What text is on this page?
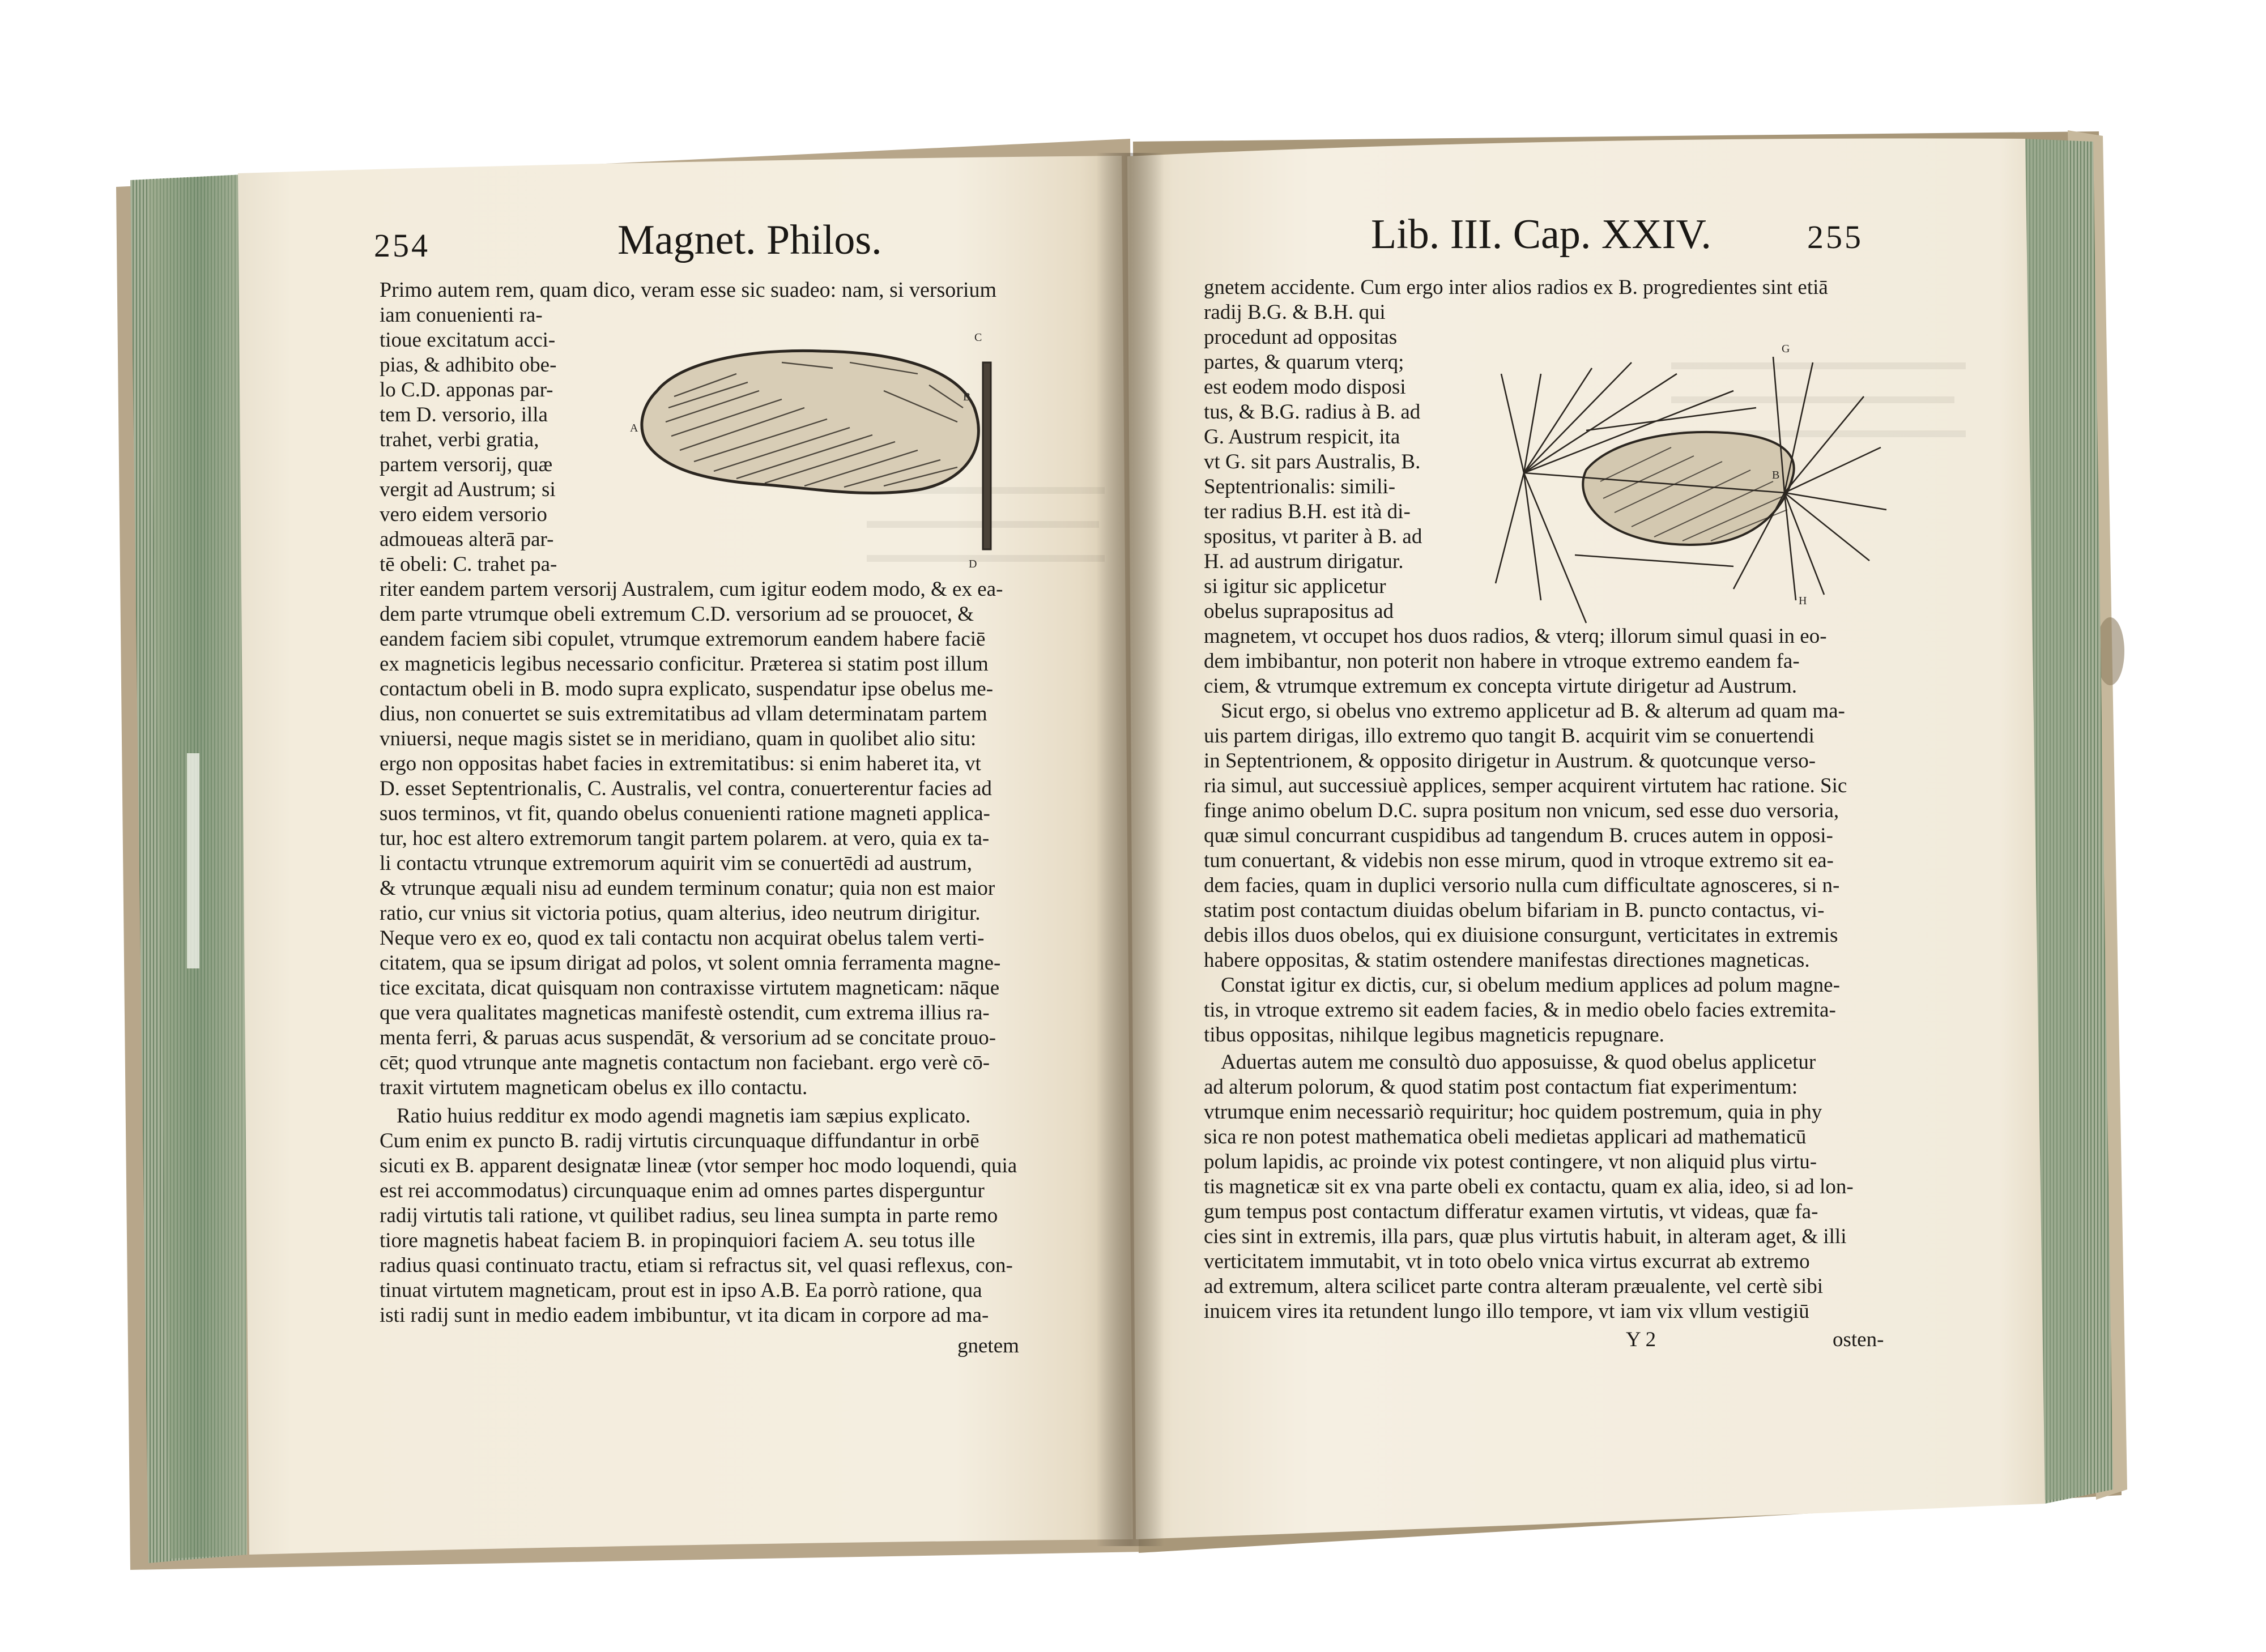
254	Magnet. Philos.
Primo autem rem, quam dico, veram esse sic suadeo: nam, si versorium
iam conuenienti ra-
tioue excitatum acci-
pias, & adhibito obe-
lo C.D. apponas par-
tem D. versorio, illa
trahet, verbi gratia,
partem versorij, quæ
vergit ad Austrum; si
vero eidem versorio
admoueas alterā par-
tē obeli: C. trahet pa-
A
B
C
D
riter eandem partem versorij Australem, cum igitur eodem modo, & ex ea-
dem parte vtrumque obeli extremum C.D. versorium ad se prouocet, &
eandem faciem sibi copulet, vtrumque extremorum eandem habere faciē
ex magneticis legibus necessario conficitur. Præterea si statim post illum
contactum obeli in B. modo supra explicato, suspendatur ipse obelus me-
dius, non conuertet se suis extremitatibus ad vllam determinatam partem
vniuersi, neque magis sistet se in meridiano, quam in quolibet alio situ:
ergo non oppositas habet facies in extremitatibus: si enim haberet ita, vt
D. esset Septentrionalis, C. Australis, vel contra, conuerterentur facies ad
suos terminos, vt fit, quando obelus conuenienti ratione magneti applica-
tur, hoc est altero extremorum tangit partem polarem. at vero, quia ex ta-
li contactu vtrunque extremorum aquirit vim se conuertēdi ad austrum,
& vtrunque æquali nisu ad eundem terminum conatur; quia non est maior
ratio, cur vnius sit victoria potius, quam alterius, ideo neutrum dirigitur.
Neque vero ex eo, quod ex tali contactu non acquirat obelus talem verti-
citatem, qua se ipsum dirigat ad polos, vt solent omnia ferramenta magne-
tice excitata, dicat quisquam non contraxisse virtutem magneticam: nāque
que vera qualitates magneticas manifestè ostendit, cum extrema illius ra-
menta ferri, & paruas acus suspendāt, & versorium ad se concitate prouo-
cēt; quod vtrunque ante magnetis contactum non faciebant. ergo verè cō-
traxit virtutem magneticam obelus ex illo contactu.
Ratio huius redditur ex modo agendi magnetis iam sæpius explicato.
Cum enim ex puncto B. radij virtutis circunquaque diffundantur in orbē
sicuti ex B. apparent designatæ lineæ (vtor semper hoc modo loquendi, quia
est rei accommodatus) circunquaque enim ad omnes partes disperguntur
radij virtutis tali ratione, vt quilibet radius, seu linea sumpta in parte remo
tiore magnetis habeat faciem B. in propinquiori faciem A. seu totus ille
radius quasi continuato tractu, etiam si refractus sit, vel quasi reflexus, con-
tinuat virtutem magneticam, prout est in ipso A.B. Ea porrò ratione, qua
isti radij sunt in medio eadem imbibuntur, vt ita dicam in corpore ad ma-
gnetem
Lib. III. Cap. XXIV.	255
gnetem accidente. Cum ergo inter alios radios ex B. progredientes sint etiā
radij B.G. & B.H. qui
procedunt ad oppositas
partes, & quarum vterq;
est eodem modo disposi
tus, & B.G. radius à B. ad
G. Austrum respicit, ita
vt G. sit pars Australis, B.
Septentrionalis: simili-
ter radius B.H. est ità di-
spositus, vt pariter à B. ad
H. ad austrum dirigatur.
si igitur sic applicetur
obelus suprapositus ad
G
B
H
magnetem, vt occupet hos duos radios, & vterq; illorum simul quasi in eo-
dem imbibantur, non poterit non habere in vtroque extremo eandem fa-
ciem, & vtrumque extremum ex concepta virtute dirigetur ad Austrum.
Sicut ergo, si obelus vno extremo applicetur ad B. & alterum ad quam ma-
uis partem dirigas, illo extremo quo tangit B. acquirit vim se conuertendi
in Septentrionem, & opposito dirigetur in Austrum. & quotcunque verso-
ria simul, aut successiuè applices, semper acquirent virtutem hac ratione. Sic
finge animo obelum D.C. supra positum non vnicum, sed esse duo versoria,
quæ simul concurrant cuspidibus ad tangendum B. cruces autem in opposi-
tum conuertant, & videbis non esse mirum, quod in vtroque extremo sit ea-
dem facies, quam in duplici versorio nulla cum difficultate agnosceres, si n-
statim post contactum diuidas obelum bifariam in B. puncto contactus, vi-
debis illos duos obelos, qui ex diuisione consurgunt, verticitates in extremis
habere oppositas, & statim ostendere manifestas directiones magneticas.
Constat igitur ex dictis, cur, si obelum medium applices ad polum magne-
tis, in vtroque extremo sit eadem facies, & in medio obelo facies extremita-
tibus oppositas, nihilque legibus magneticis repugnare.
Aduertas autem me consultò duo apposuisse, & quod obelus applicetur
ad alterum polorum, & quod statim post contactum fiat experimentum:
vtrumque enim necessariò requiritur; hoc quidem postremum, quia in phy
sica re non potest mathematica obeli medietas applicari ad mathematicū
polum lapidis, ac proinde vix potest contingere, vt non aliquid plus virtu-
tis magneticæ sit ex vna parte obeli ex contactu, quam ex alia, ideo, si ad lon-
gum tempus post contactum differatur examen virtutis, vt videas, quæ fa-
cies sint in extremis, illa pars, quæ plus virtutis habuit, in alteram aget, & illi
verticitatem immutabit, vt in toto obelo vnica virtus excurrat ab extremo
ad extremum, altera scilicet parte contra alteram præualente, vel certè sibi
inuicem vires ita retundent lungo illo tempore, vt iam vix vllum vestigiū
Y 2	osten-
